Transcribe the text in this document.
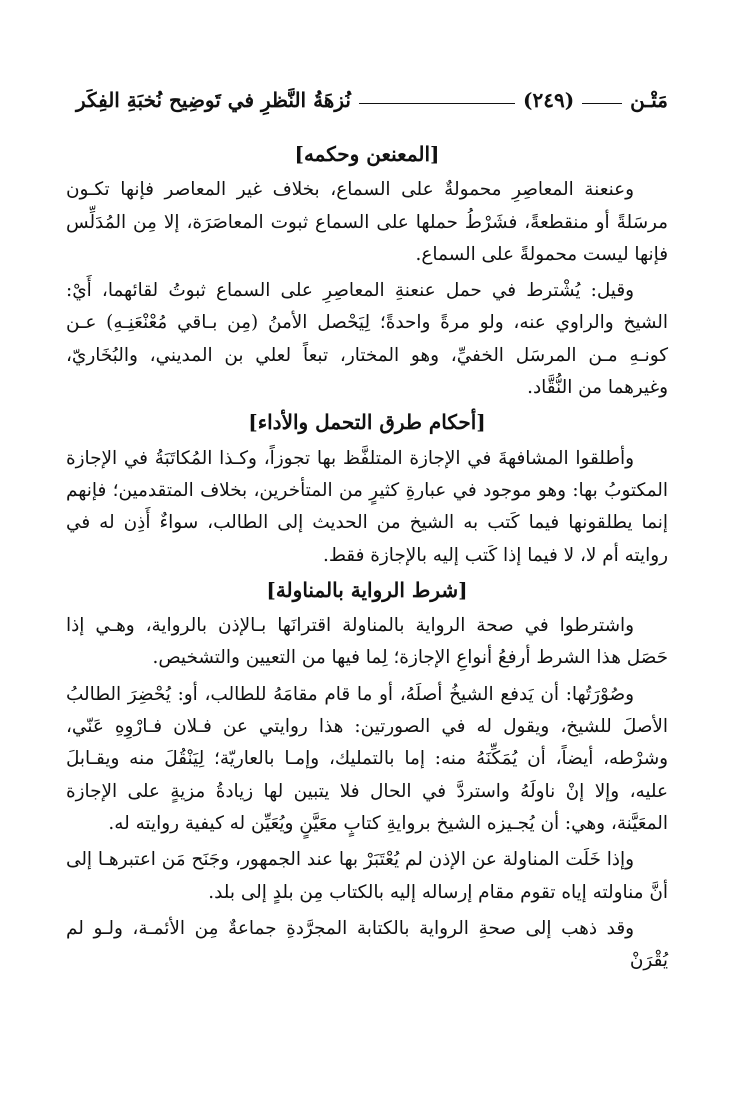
مَتْـن
(٢٤٩)
نُزهَةُ النَّظرِ في تَوضِيح نُخبَةِ الفِكَر
[المعنعن وحكمه]

وعنعنة المعاصِرِ محمولةٌ على السماع، بخلاف غير المعاصر فإنها تكـون مرسَلةً أو منقطعةً، فشَرْطُ حملها على السماع ثبوت المعاصَرَة، إلا مِن المُدَلِّس فإنها ليست محمولةً على السماع.

وقيل: يُشْترط في حمل عنعنةِ المعاصِرِ على السماع ثبوتُ لقائهما، أَيْ: الشيخ والراوي عنه، ولو مرةً واحدةً؛ لِيَحْصل الأمنُ (مِن بـاقي مُعْنْعَنِـهِ) عـن كونـهِ مـن المرسَل الخفيِّ، وهو المختار، تبعاً لعلي بن المديني، والبُخَاريّ، وغيرهما من النُّقَّاد.

[أحكام طرق التحمل والأداء]

وأطلقوا المشافهةَ في الإجازة المتلفَّظ بها تجوزاً، وكـذا المُكاتَبَةُ في الإجازة المكتوبُ بها: وهو موجود في عبارةِ كثيرٍ من المتأخرين، بخلاف المتقدمين؛ فإنهم إنما يطلقونها فيما كَتب به الشيخ من الحديث إلى الطالب، سواءٌ أَذِن له في روايته أم لا، لا فيما إذا كَتب إليه بالإجازة فقط.

[شرط الرواية بالمناولة]

واشترطوا في صحة الرواية بالمناولة اقترانَها بـالإذن بالرواية، وهـي إذا حَصَل هذا الشرط أرفعُ أنواعِ الإجازة؛ لِما فيها من التعيين والتشخيص.

وصُوْرَتُها: أن يَدفع الشيخُ أصلَهُ، أو ما قام مقامَهُ للطالب، أو: يُحْضِرَ الطالبُ الأصلَ للشيخ، ويقول له في الصورتين: هذا روايتي عن فـلان فـارْوِهِ عَنّي، وشرْطه، أيضاً، أن يُمَكِّنَهُ منه: إما بالتمليك، وإمـا بالعاريّة؛ لِيَنْقُلَ منه ويقـابلَ عليه، وإلا إنْ ناولَهُ واستردَّ في الحال فلا يتبين لها زيادةُ مزيةٍ على الإجازة المعَيَّنة، وهي: أن يُجـيزه الشيخ بروايةِ كتابٍ معَيَّنٍ ويُعَيِّن له كيفية روايته له.

وإذا خَلَت المناولة عن الإذن لم يُعْتَبَرْ بها عند الجمهور، وجَنَح مَن اعتبرهـا إلى أنَّ مناولته إياه تقوم مقام إرساله إليه بالكتاب مِن بلدٍ إلى بلد.

وقد ذهب إلى صحةِ الرواية بالكتابة المجرَّدةِ جماعةٌ مِن الأئمـة، ولـو لم يُقْرَنْ
